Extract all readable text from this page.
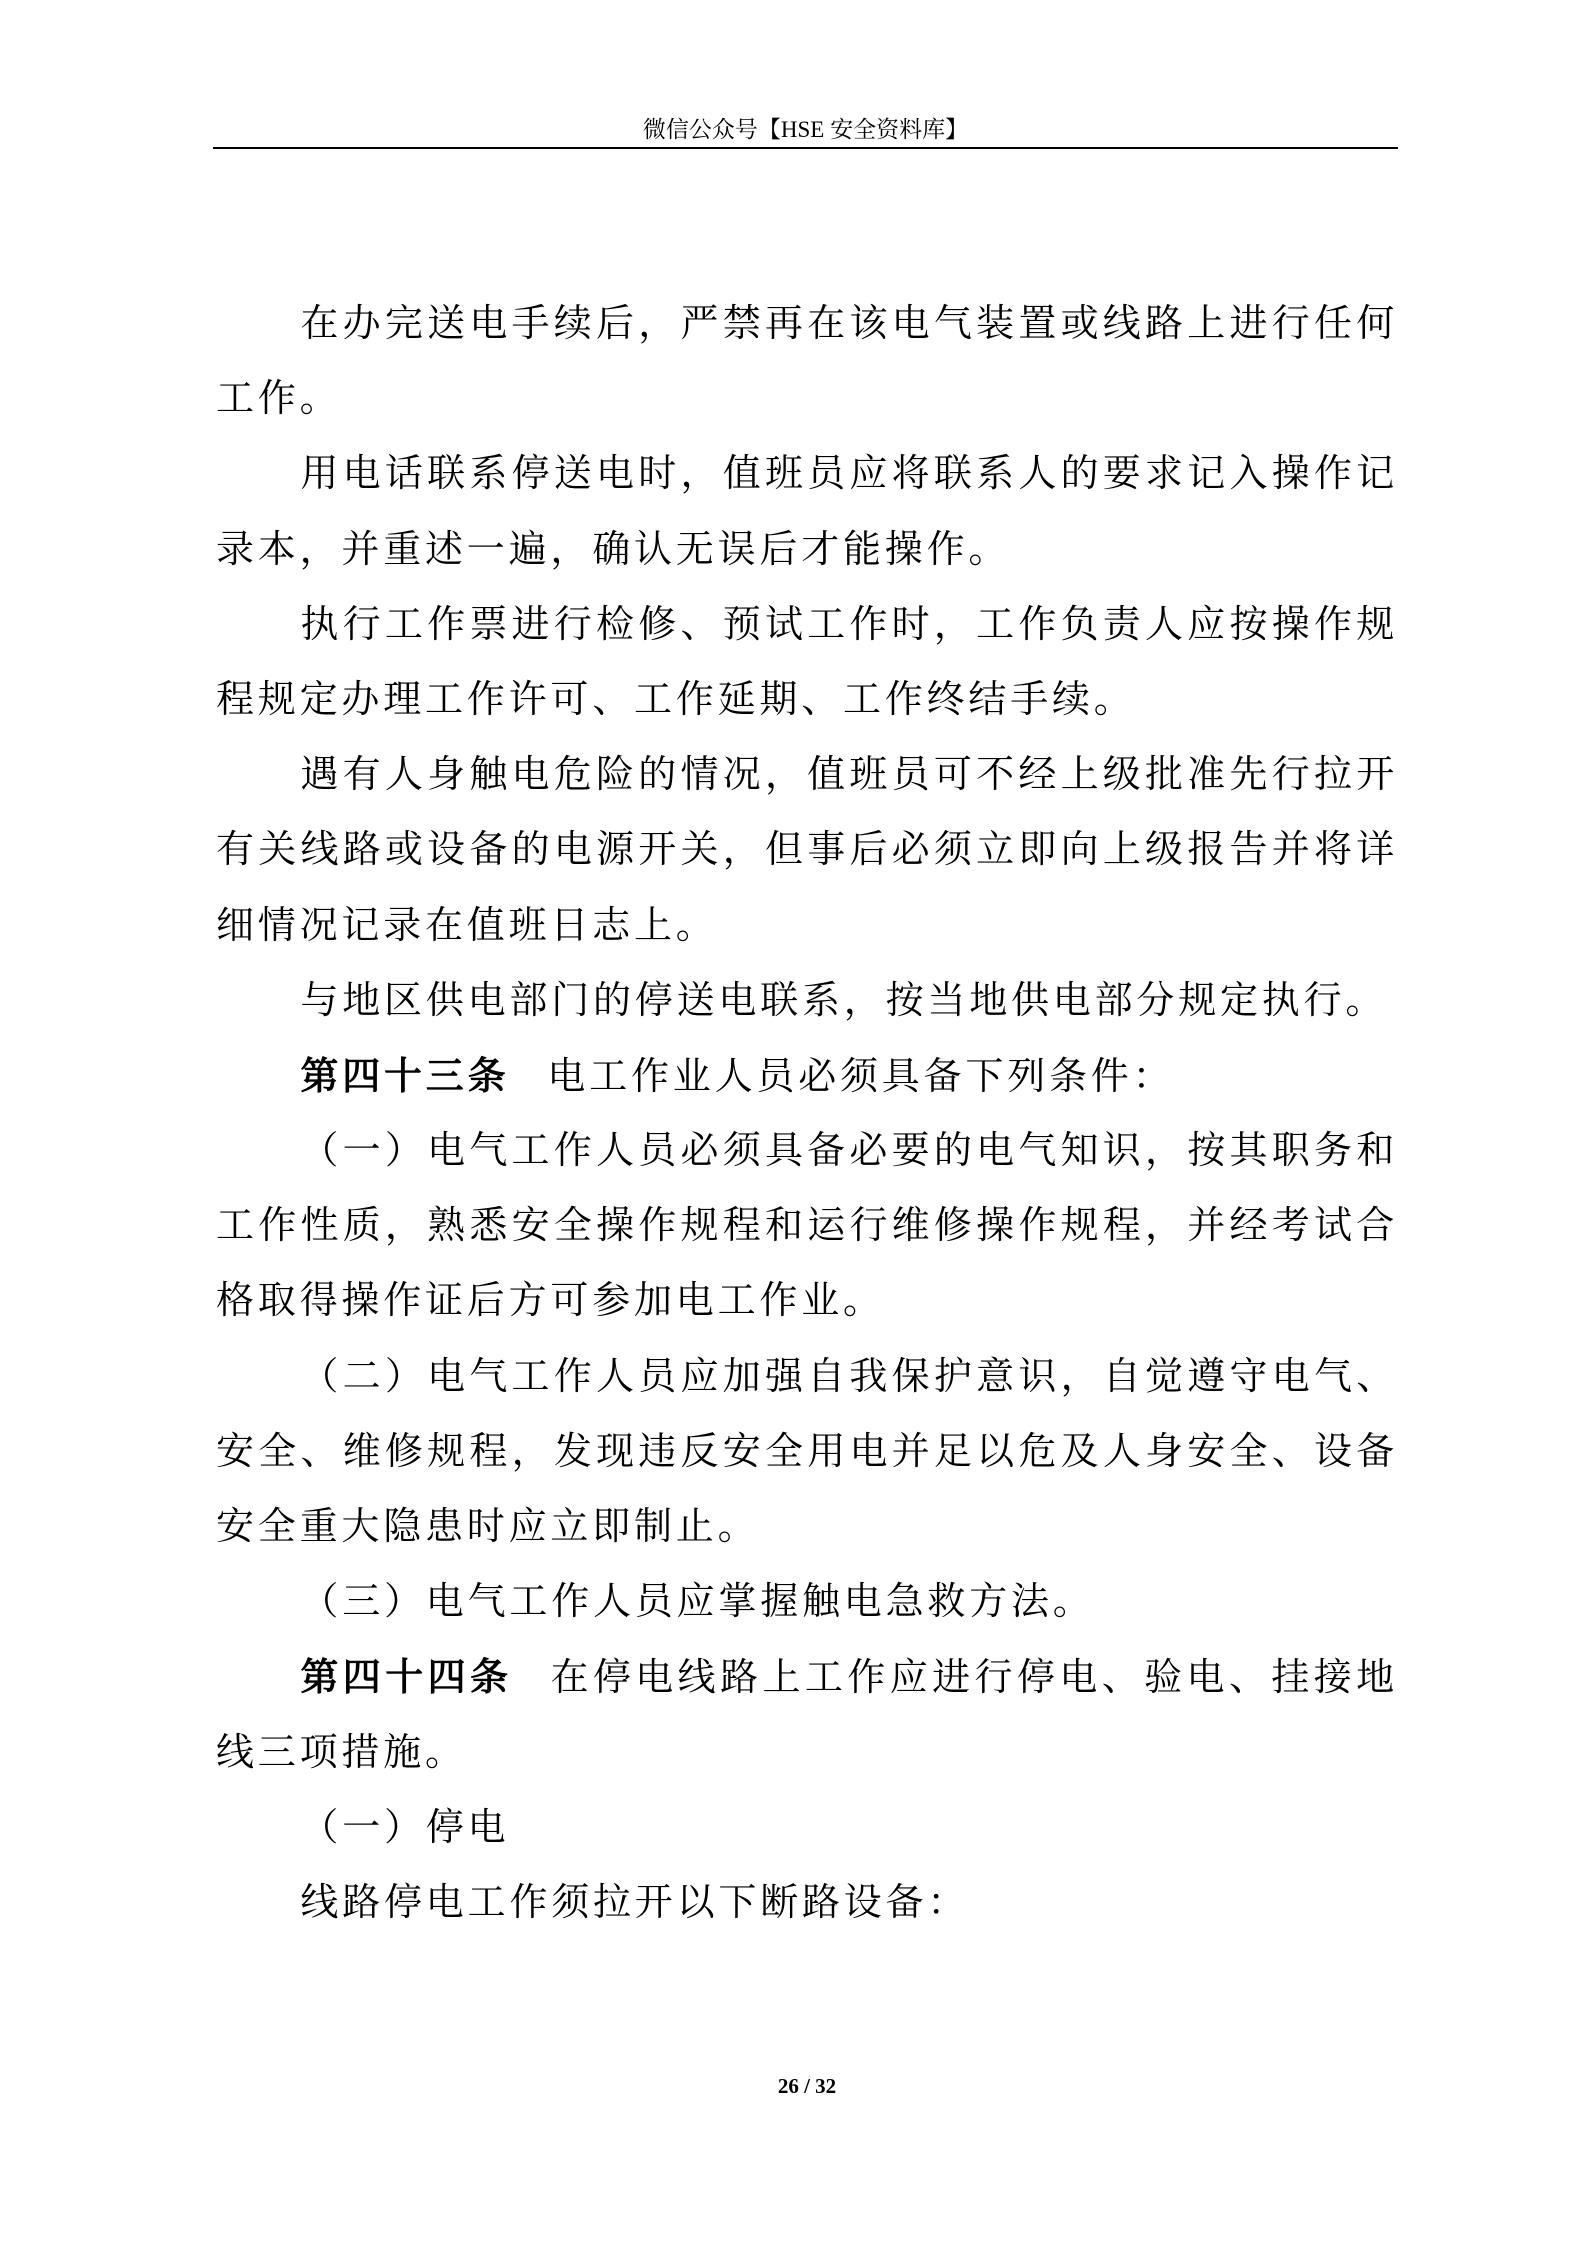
微信公众号【HSE 安全资料库】
在办完送电手续后，严禁再在该电气装置或线路上进行任何
工作。
用电话联系停送电时，值班员应将联系人的要求记入操作记
录本，并重述一遍，确认无误后才能操作。
执行工作票进行检修、预试工作时，工作负责人应按操作规
程规定办理工作许可、工作延期、工作终结手续。
遇有人身触电危险的情况，值班员可不经上级批准先行拉开
有关线路或设备的电源开关，但事后必须立即向上级报告并将详
细情况记录在值班日志上。
与地区供电部门的停送电联系，按当地供电部分规定执行。
第四十三条 电工作业人员必须具备下列条件：
（一）电气工作人员必须具备必要的电气知识，按其职务和
工作性质，熟悉安全操作规程和运行维修操作规程，并经考试合
格取得操作证后方可参加电工作业。
（二）电气工作人员应加强自我保护意识，自觉遵守电气、
安全、维修规程，发现违反安全用电并足以危及人身安全、设备
安全重大隐患时应立即制止。
（三）电气工作人员应掌握触电急救方法。
第四十四条 在停电线路上工作应进行停电、验电、挂接地
线三项措施。
（一）停电
线路停电工作须拉开以下断路设备：
26 / 32
